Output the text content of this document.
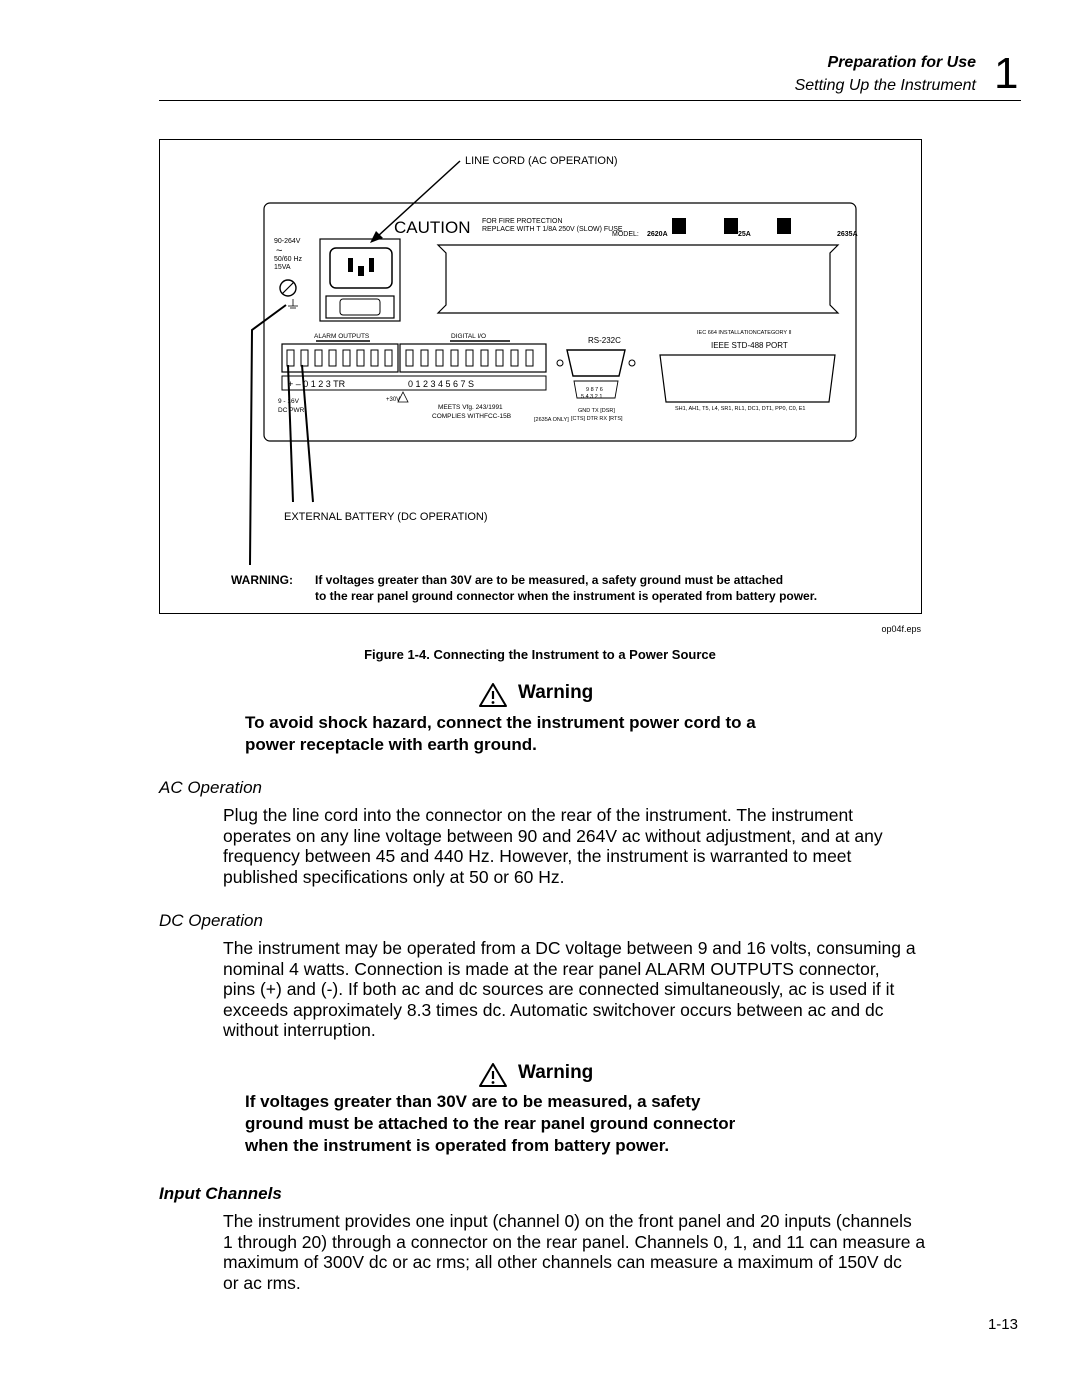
Preparation for Use
Setting Up the Instrument 1
LINE CORD (AC OPERATION)
CAUTION FOR FIRE PROTECTION
REPLACE WITH T 1/8A 250V (SLOW) FUSE
MODEL: 2620A	25A	2635A
90-264V
~
50/60 Hz
15VA
ALARM OUTPUTS	DIGITAL I/O	RS-232C
IEC 664 INSTALLATIONCATEGORY II
IEEE STD-488 PORT
+ – 0 1 2 3 TR	0 1 2 3 4 5 6 7 S
9 - 16V
DC PWR
+30V
MEETS Vfg. 243/1991
COMPLIES WITHFCC-15B	[2635A ONLY]
9 8 7 6
5 4 3 2 1
GND TX [DSR]
[CTS] DTR RX [RTS]
SH1, AH1, T5, L4, SR1, RL1, DC1, DT1, PP0, C0, E1
EXTERNAL BATTERY (DC OPERATION)
WARNING: If voltages greater than 30V are to be measured, a safety ground must be attached
to the rear panel ground connector when the instrument is operated from battery power.
op04f.eps
Figure 1-4. Connecting the Instrument to a Power Source
Warning
To avoid shock hazard, connect the instrument power cord to a
power receptacle with earth ground.
AC Operation
Plug the line cord into the connector on the rear of the instrument. The instrument
operates on any line voltage between 90 and 264V ac without adjustment, and at any
frequency between 45 and 440 Hz. However, the instrument is warranted to meet
published specifications only at 50 or 60 Hz.
DC Operation
The instrument may be operated from a DC voltage between 9 and 16 volts, consuming a
nominal 4 watts. Connection is made at the rear panel ALARM OUTPUTS connector,
pins (+) and (-). If both ac and dc sources are connected simultaneously, ac is used if it
exceeds approximately 8.3 times dc. Automatic switchover occurs between ac and dc
without interruption.
Warning
If voltages greater than 30V are to be measured, a safety
ground must be attached to the rear panel ground connector
when the instrument is operated from battery power.
Input Channels
The instrument provides one input (channel 0) on the front panel and 20 inputs (channels
1 through 20) through a connector on the rear panel. Channels 0, 1, and 11 can measure a
maximum of 300V dc or ac rms; all other channels can measure a maximum of 150V dc
or ac rms.
1-13
